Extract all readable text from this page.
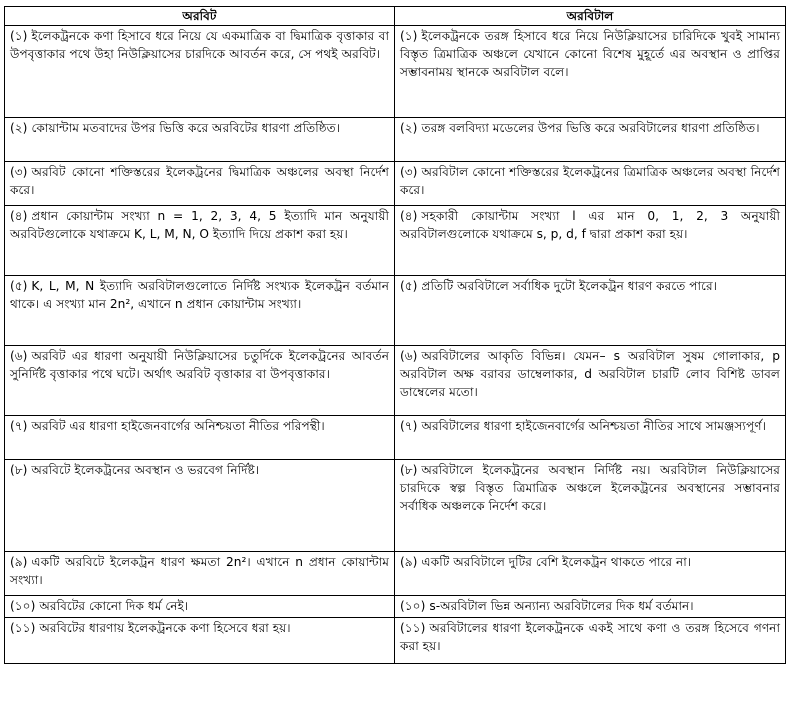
অরবিট	অরবিটাল
(১) ইলেকট্রনকে কণা হিসাবে ধরে নিয়ে যে একমাত্রিক বা দ্বিমাত্রিক বৃত্তাকার বা উপবৃত্তাকার পথে উহা নিউক্লিয়াসের চারদিকে আবর্তন করে, সে পথই অরবিট।	(১) ইলেকট্রনকে তরঙ্গ হিসাবে ধরে নিয়ে নিউক্লিয়াসের চারিদিকে খুবই সামান্য বিস্তৃত ত্রিমাত্রিক অঞ্চলে যেখানে কোনো বিশেষ মুহূর্তে এর অবস্থান ও প্রাপ্তির সম্ভাবনাময় স্থানকে অরবিটাল বলে।
(২) কোয়ান্টাম মতবাদের উপর ভিত্তি করে অরবিটের ধারণা প্রতিষ্ঠিত।	(২) তরঙ্গ বলবিদ্যা মডেলের উপর ভিত্তি করে অরবিটালের ধারণা প্রতিষ্ঠিত।
(৩) অরবিট কোনো শক্তিস্তরের ইলেকট্রনের দ্বিমাত্রিক অঞ্চলের অবস্থা নির্দেশ করে।	(৩) অরবিটাল কোনো শক্তিস্তরের ইলেকট্রনের ত্রিমাত্রিক অঞ্চলের অবস্থা নির্দেশ করে।
(৪) প্রধান কোয়ান্টাম সংখ্যা n = 1, 2, 3, 4, 5 ইত্যাদি মান অনুযায়ী অরবিটগুলোকে যথাক্রমে K, L, M, N, O ইত্যাদি দিয়ে প্রকাশ করা হয়।	(৪) সহকারী কোয়ান্টাম সংখ্যা l এর মান 0, 1, 2, 3 অনুযায়ী অরবিটালগুলোকে যথাক্রমে s, p, d, f দ্বারা প্রকাশ করা হয়।
(৫) K, L, M, N ইত্যাদি অরবিটালগুলোতে নির্দিষ্ট সংখ্যক ইলেকট্রন বর্তমান থাকে। এ সংখ্যা মান 2n², এখানে n প্রধান কোয়ান্টাম সংখ্যা।	(৫) প্রতিটি অরবিটালে সর্বাধিক দুটো ইলেকট্রন ধারণ করতে পারে।
(৬) অরবিট এর ধারণা অনুযায়ী নিউক্লিয়াসের চতুর্দিকে ইলেকট্রনের আবর্তন সুনির্দিষ্ট বৃত্তাকার পথে ঘটে। অর্থাৎ অরবিট বৃত্তাকার বা উপবৃত্তাকার।	(৬) অরবিটালের আকৃতি বিভিন্ন। যেমন– s অরবিটাল সুষম গোলাকার, p অরবিটাল অক্ষ বরাবর ডাম্বেলাকার, d অরবিটাল চারটি লোব বিশিষ্ট ডাবল ডাম্বেলের মতো।
(৭) অরবিট এর ধারণা হাইজেনবার্গের অনিশ্চয়তা নীতির পরিপন্থী।	(৭) অরবিটালের ধারণা হাইজেনবার্গের অনিশ্চয়তা নীতির সাথে সামঞ্জস্যপূর্ণ।
(৮) অরবিটে ইলেকট্রনের অবস্থান ও ভরবেগ নির্দিষ্ট।	(৮) অরবিটালে ইলেকট্রনের অবস্থান নির্দিষ্ট নয়। অরবিটাল নিউক্লিয়াসের চারদিকে স্বল্প বিস্তৃত ত্রিমাত্রিক অঞ্চলে ইলেকট্রনের অবস্থানের সম্ভাবনার সর্বাধিক অঞ্চলকে নির্দেশ করে।
(৯) একটি অরবিটে ইলেকট্রন ধারণ ক্ষমতা 2n²। এখানে n প্রধান কোয়ান্টাম সংখ্যা।	(৯) একটি অরবিটালে দুটির বেশি ইলেকট্রন থাকতে পারে না।
(১০) অরবিটের কোনো দিক ধর্ম নেই।	(১০) s-অরবিটাল ভিন্ন অন্যান্য অরবিটালের দিক ধর্ম বর্তমান।
(১১) অরবিটের ধারণায় ইলেকট্রনকে কণা হিসেবে ধরা হয়।	(১১) অরবিটালের ধারণা ইলেকট্রনকে একই সাথে কণা ও তরঙ্গ হিসেবে গণনা করা হয়।
